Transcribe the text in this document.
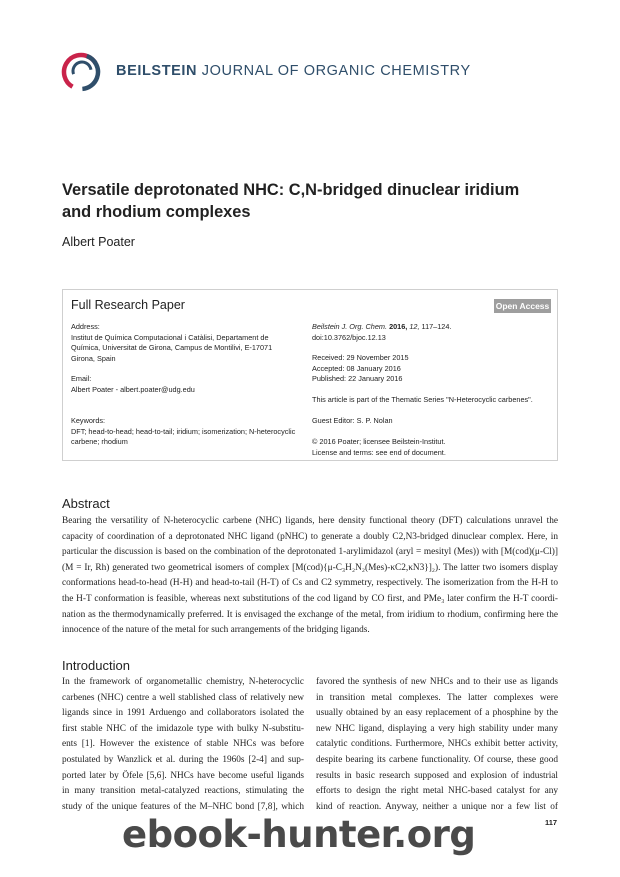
BEILSTEIN JOURNAL OF ORGANIC CHEMISTRY
Versatile deprotonated NHC: C,N-bridged dinuclear iridium
and rhodium complexes
Albert Poater
Full Research Paper	Open Access
Address:
Institut de Química Computacional i Catàlisi, Departament de
Química, Universitat de Girona, Campus de Montilivi, E-17071
Girona, Spain
Email:
Albert Poater - albert.poater@udg.edu
Keywords:
DFT; head-to-head; head-to-tail; iridium; isomerization; N-heterocyclic
carbene; rhodium
Beilstein J. Org. Chem. 2016, 12, 117–124.
doi:10.3762/bjoc.12.13
Received: 29 November 2015
Accepted: 08 January 2016
Published: 22 January 2016
This article is part of the Thematic Series "N-Heterocyclic carbenes".
Guest Editor: S. P. Nolan
© 2016 Poater; licensee Beilstein-Institut.
License and terms: see end of document.
Abstract
Bearing the versatility of N-heterocyclic carbene (NHC) ligands, here density functional theory (DFT) calculations unravel the
capacity of coordination of a deprotonated NHC ligand (pNHC) to generate a doubly C2,N3-bridged dinuclear complex. Here, in
particular the discussion is based on the combination of the deprotonated 1-arylimidazol (aryl = mesityl (Mes)) with [M(cod)(μ-Cl)]
(M = Ir, Rh) generated two geometrical isomers of complex [M(cod){μ-C₃H₂N₂(Mes)-κC2,κN3}]₂). The latter two isomers display
conformations head-to-head (H-H) and head-to-tail (H-T) of Cs and C2 symmetry, respectively. The isomerization from the H-H to
the H-T conformation is feasible, whereas next substitutions of the cod ligand by CO first, and PMe₃ later confirm the H-T coordi-
nation as the thermodynamically preferred. It is envisaged the exchange of the metal, from iridium to rhodium, confirming here the
innocence of the nature of the metal for such arrangements of the bridging ligands.
Introduction
In the framework of organometallic chemistry, N-heterocyclic
carbenes (NHC) centre a well stablished class of relatively new
ligands since in 1991 Arduengo and collaborators isolated the
first stable NHC of the imidazole type with bulky N-substitu-
ents [1]. However the existence of stable NHCs was before
postulated by Wanzlick et al. during the 1960s [2-4] and sup-
ported later by Öfele [5,6]. NHCs have become useful ligands
in many transition metal-catalyzed reactions, stimulating the
study of the unique features of the M–NHC bond [7,8], which
favored the synthesis of new NHCs and to their use as ligands
in transition metal complexes. The latter complexes were
usually obtained by an easy replacement of a phosphine by the
new NHC ligand, displaying a very high stability under many
catalytic conditions. Furthermore, NHCs exhibit better activity,
despite bearing its carbene functionality. Of course, these good
results in basic research supposed and explosion of industrial
efforts to design the right metal NHC-based catalyst for any
kind of reaction. Anyway, neither a unique nor a few list of
117
ebook-hunter.org
